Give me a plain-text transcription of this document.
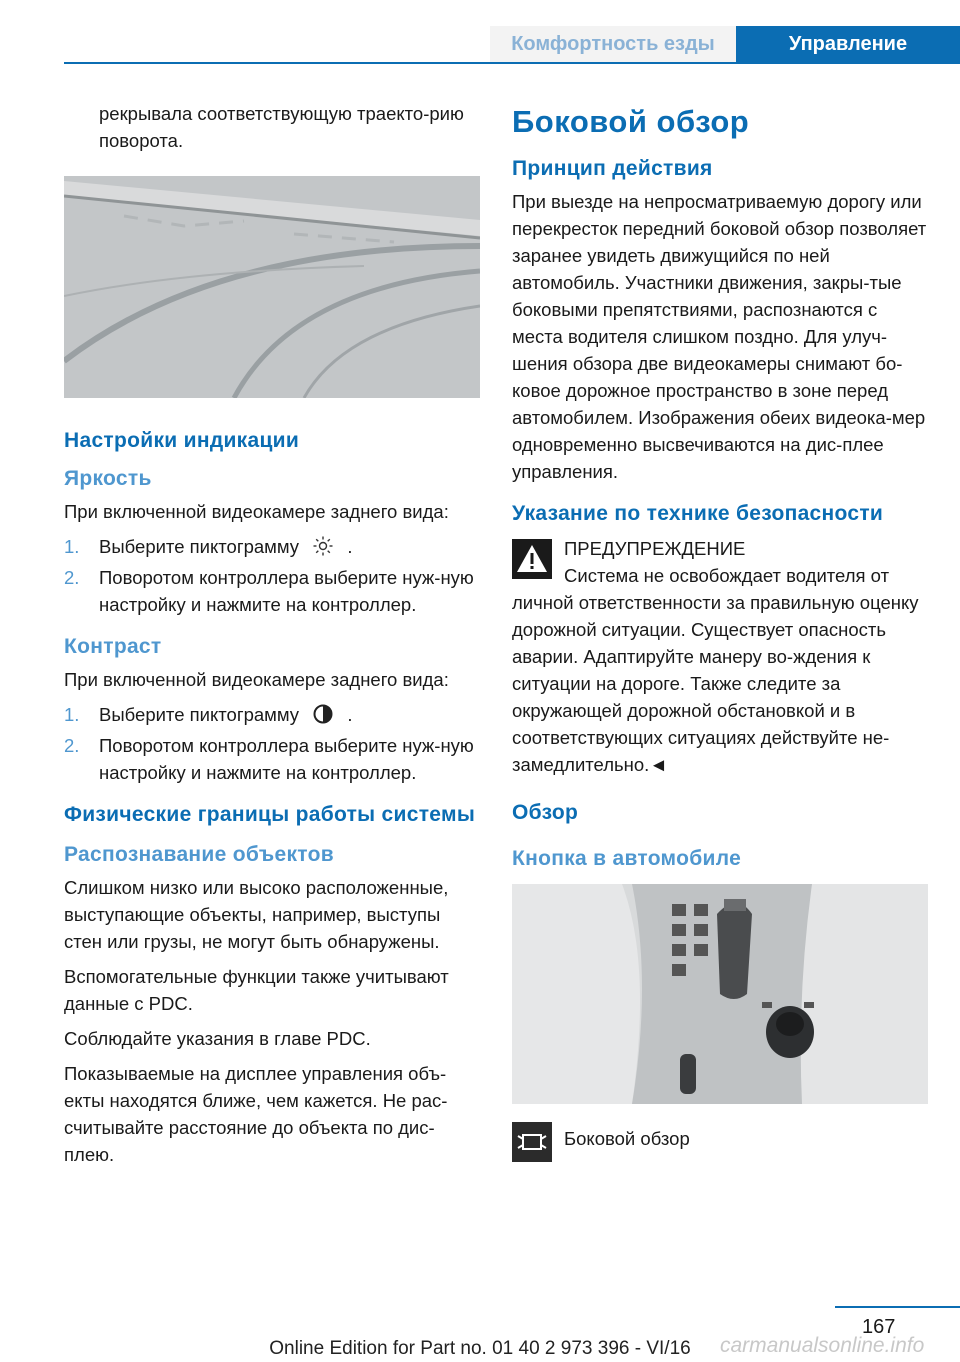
Комфортность езды	Управление

рекрывала соответствующую траекто-рию поворота.

Настройки индикации
Яркость

При включенной видеокамере заднего вида:

1. Выберите пиктограмму	.
2. Поворотом контроллера выберите нуж-ную настройку и нажмите на контроллер.
Контраст

При включенной видеокамере заднего вида:

1. Выберите пиктограмму	.
2. Поворотом контроллера выберите нуж-ную настройку и нажмите на контроллер.
Физические границы работы системы
Распознавание объектов

Слишком низко или высоко расположенные, выступающие объекты, например, выступы стен или грузы, не могут быть обнаружены.

Вспомогательные функции также учитывают данные с PDC.

Соблюдайте указания в главе PDC.

Показываемые на дисплее управления объ-екты находятся ближе, чем кажется. Не рас-считывайте расстояние до объекта по дис-плею.

Боковой обзор
Принцип действия

При выезде на непросматриваемую дорогу или перекресток передний боковой обзор позволяет заранее увидеть движущийся по ней автомобиль. Участники движения, закры-тые боковыми препятствиями, распознаются с места водителя слишком поздно. Для улуч-шения обзора две видеокамеры снимают бо-ковое дорожное пространство в зоне перед автомобилем. Изображения обеих видеока-мер одновременно высвечиваются на дис-плее управления.

Указание по технике безопасности

ПРЕДУПРЕЖДЕНИЕ

Система не освобождает водителя от личной ответственности за правильную оценку дорожной ситуации. Существует опасность аварии. Адаптируйте манеру во-ждения к ситуации на дороге. Также следите за окружающей дорожной обстановкой и в соответствующих ситуациях действуйте не-замедлительно.◄

Обзор
Кнопка в автомобиле

Боковой обзор

167
Online Edition for Part no. 01 40 2 973 396 - VI/16	carmanualsonline.info
